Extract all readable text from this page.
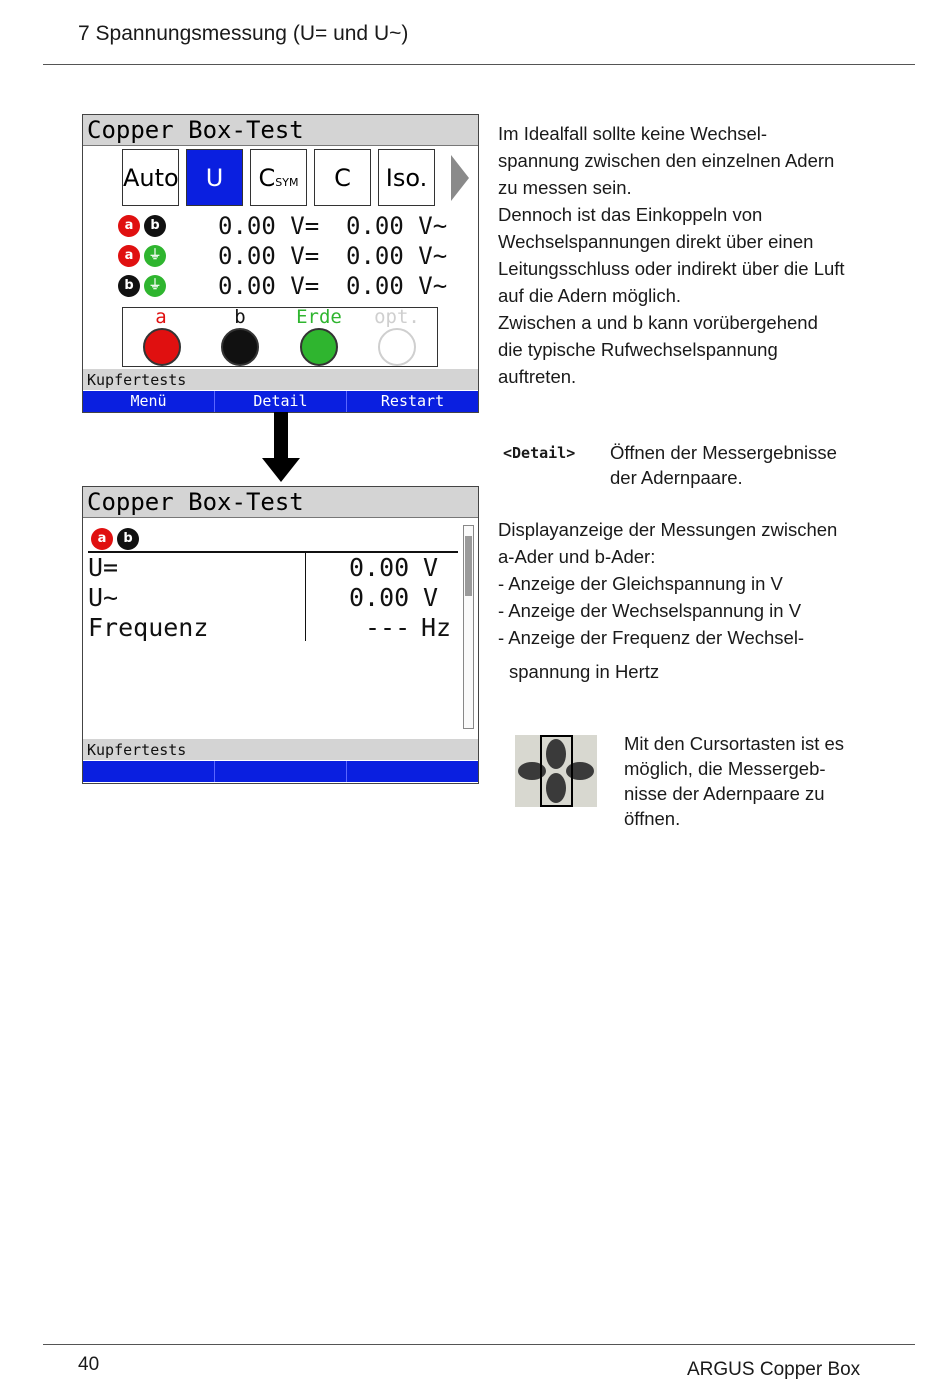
7 Spannungsmessung (U= und U~)
Copper Box-Test
Auto	U	CSYM	C	Iso.
a	b 0.00 V= 0.00 V~
a	⏚ 0.00 V= 0.00 V~
b	⏚ 0.00 V= 0.00 V~
a	b	Erde	opt.
Kupfertests
Menü	Detail	Restart
Copper Box-Test
a	b
U=	0.00 V
U~	0.00 V
Frequenz	--- Hz
Kupfertests
Im Idealfall sollte keine Wechsel-
spannung zwischen den einzelnen Adern
zu messen sein.
Dennoch ist das Einkoppeln von
Wechselspannungen direkt über einen
Leitungsschluss oder indirekt über die Luft
auf die Adern möglich.
Zwischen a und b kann vorübergehend
die typische Rufwechselspannung
auftreten.
<Detail> Öffnen der Messergebnisse
der Adernpaare.
Displayanzeige der Messungen zwischen
a-Ader und b-Ader:
- Anzeige der Gleichspannung in V
- Anzeige der Wechselspannung in V
- Anzeige der Frequenz der Wechsel-
spannung in Hertz
Mit den Cursortasten ist es
möglich, die Messergeb-
nisse der Adernpaare zu
öffnen.
40	ARGUS Copper Box
